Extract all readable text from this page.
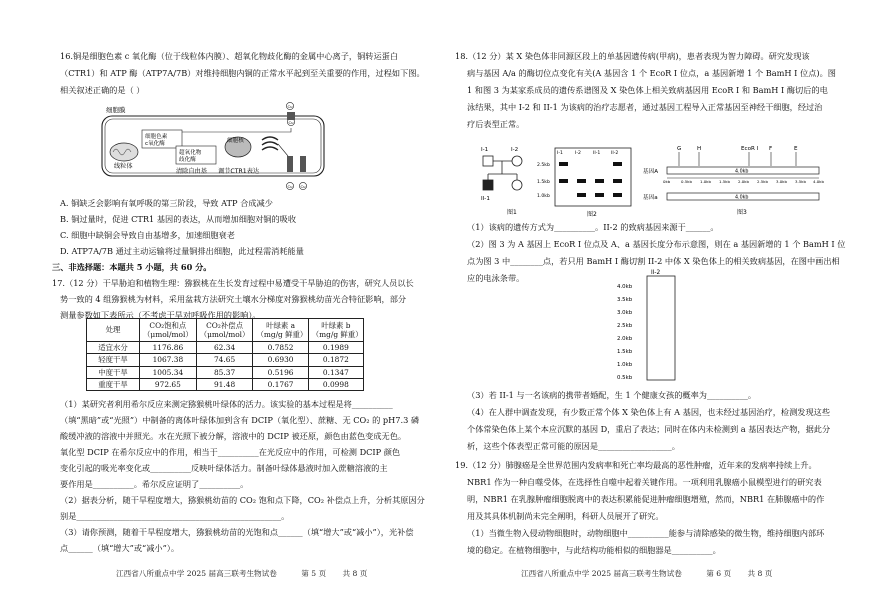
16.铜是细胞色素 c 氧化酶（位于线粒体内膜）、超氧化物歧化酶的金属中心离子，铜转运蛋白

（CTR1）和 ATP 酶（ATP7A/7B）对维持细胞内铜的正常水平起到至关重要的作用，过程如下图。

相关叙述正确的是（ ）

细胞膜	Cu
Cu
线粒体
细胞色素
c氧化酶
超氧化物
歧化酶
清除自由基
细胞核
调节CTR1表达
Cu Cu

A. 铜缺乏会影响有氧呼吸的第三阶段，导致 ATP 合成减少

B. 铜过量时，促进 CTR1 基因的表达，从而增加细胞对铜的吸收

C. 细胞中缺铜会导致自由基增多，加速细胞衰老

D. ATP7A/7B 通过主动运输将过量铜排出细胞，此过程需消耗能量

三、非选择题：本题共 5 小题，共 60 分。

17.（12 分）干旱胁迫和植物生理：猕猴桃在生长发育过程中易遭受干旱胁迫的伤害，研究人员以长

势一致的 4 组猕猴桃为材料，采用盆栽方法研究土壤水分梯度对猕猴桃幼苗光合特征影响，部分

测量参数如下表所示（不考虑干旱对呼吸作用的影响）。

处理	CO₂饱和点
（μmol/mol）	CO₂补偿点
（μmol/mol）	叶绿素 a
（mg/g 鲜重）	叶绿素 b
（mg/g 鲜重）
适宜水分	1176.86	62.34	0.7852	0.1989
轻度干旱	1067.38	74.65	0.6930	0.1872
中度干旱	1005.34	85.37	0.5196	0.1347
重度干旱	972.65	91.48	0.1767	0.0998

（1）某研究者利用希尔反应来测定猕猴桃叶绿体的活力。该实验的基本过程是将__________

（填“黑暗”或“光照”）中制备的离体叶绿体加到含有 DCIP（氧化型）、蔗糖、无 CO₂ 的 pH7.3 磷

酸缓冲液的溶液中并照光。水在光照下被分解，溶液中的 DCIP 被还原，颜色由蓝色变成无色。

氧化型 DCIP 在希尔反应中的作用，相当于__________在光反应中的作用，可检测 DCIP 颜色

变化引起的吸光率变化或__________反映叶绿体活力。制备叶绿体悬液时加入蔗糖溶液的主

要作用是__________。希尔反应证明了__________。

（2）据表分析，随干旱程度增大，猕猴桃幼苗的 CO₂ 饱和点下降，CO₂ 补偿点上升，分析其原因分

别是__________________________________________________。

（3）请你预测，随着干旱程度增大，猕猴桃幼苗的光饱和点______（填“增大”或“减小”），光补偿

点______（填“增大”或“减小”）。

江西省八所重点中学 2025 届高三联考生物试卷	第 5 页 共 8 页

18.（12 分）某 X 染色体非同源区段上的单基因遗传病(甲病)，患者表现为智力障碍。研究发现该

病与基因 A/a 的酶切位点变化有关(A 基因含 1 个 EcoR I 位点，a 基因新增 1 个 BamH I 位点)。图

1 和图 3 为某家系成员的遗传系谱图及 X 染色体上相关致病基因用 EcoR I 和 BamH I 酶切后的电

泳结果，其中 I-2 和 II-1 为该病的治疗志愿者，通过基因工程导入正常基因至神经干细胞，经过治

疗后表型正常。

I-1	I-2
II-1
图1
I-1	I-2	II-1 II-2
2.5kb
1.5kb
1.0kb
图2
G	H	EcoR I F	E
基因A	4.0kb
0kb	0.5kb 1.0kb 1.5kb 2.0kb 2.5kb 3.0kb 3.5kb 4.0kb
基因a	4.0kb
图3

（1）该病的遗传方式为__________。II-2 的致病基因来源于______。

（2）图 3 为 A 基因上 EcoR I 位点及 A、a 基因长度分布示意图，则在 a 基因新增的 1 个 BamH I 位

点为图 3 中________点，若只用 BamH I 酶切割 II-2 中体 X 染色体上的相关致病基因，在图中画出相

应的电泳条带。	II-2
4.0kb
3.5kb
3.0kb
2.5kb
2.0kb
1.5kb
1.0kb
0.5kb

（3）若 II-1 与一名该病的携带者婚配，生 1 个健康女孩的概率为__________。

（4）在人群中调查发现，有少数正常个体 X 染色体上有 A 基因，也未经过基因治疗，检测发现这些

个体常染色体上某个本应沉默的基因 D，重启了表达；同时在体内未检测到 a 基因表达产物，据此分

析，这些个体表型正常可能的原因是__________________。

19.（12 分）肺腺癌是全世界范围内发病率和死亡率均最高的恶性肿瘤，近年来的发病率持续上升。

NBR1 作为一种自噬受体，在选择性自噬中起着关键作用。一项利用乳腺癌小鼠模型进行的研究表

明，NBR1 在乳腺肿瘤细胞脱离中的表达积累能促进肿瘤细胞增殖，然而，NBR1 在肺腺癌中的作

用及其具体机制尚未完全阐明，科研人员展开了研究。

（1）当微生物入侵动物细胞时，动物细胞中__________能参与清除感染的微生物，维持细胞内部环

境的稳定。在植物细胞中，与此结构功能相似的细胞器是__________。

江西省八所重点中学 2025 届高三联考生物试卷	第 6 页 共 8 页
